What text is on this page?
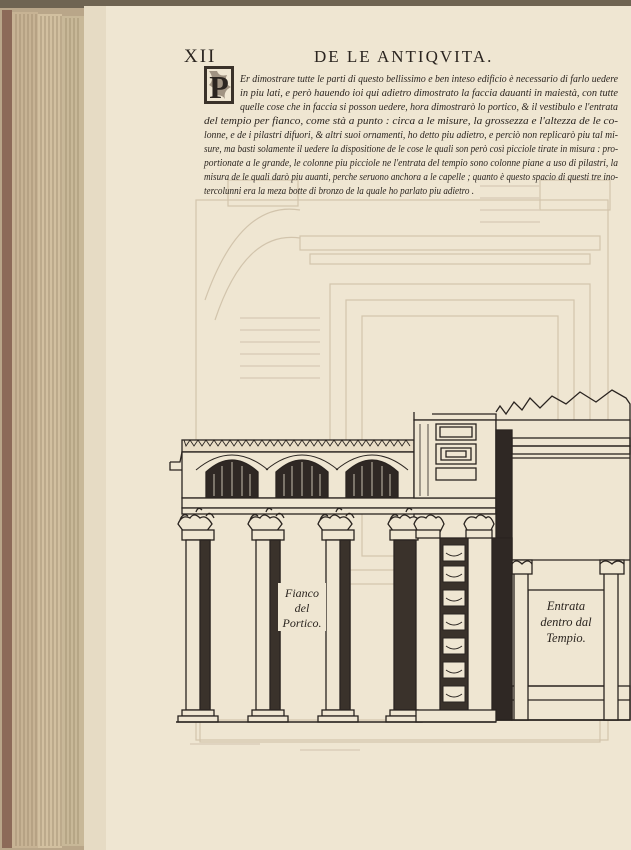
P
XII	DE LE ANTIQVITA.
Er dimostrare tutte le parti di questo bellissimo e ben inteso edificio è necessario di farlo uedere
in piu lati, e però hauendo ioi qui adietro dimostrato la faccia dauanti in maiestà, con tutte
quelle cose che in faccia si posson uedere, hora dimostrarò lo portico, & il vestibulo e l'entrata
del tempio per fianco, come stà a punto : circa a le misure, la grossezza e l'altezza de le co-
lonne, e de i pilastri difuori, & altri suoi ornamenti, ho detto piu adietro, e perciò non replicarò piu tal mi-
sure, ma basti solamente il uedere la dispositione de le cose le quali son però così picciole tirate in misura : pro-
portionate a le grande, le colonne piu picciole ne l'entrata del tempio sono colonne piane a uso di pilastri, la
misura de le quali darò piu auanti, perche seruono anchora a le capelle ; quanto è questo spacio di questi tre ino-
tercolunni era la meza botte di bronzo de la quale ho parlato piu adietro .
Fianco
del
Portico.
Entrata
dentro dal
Tempio.
